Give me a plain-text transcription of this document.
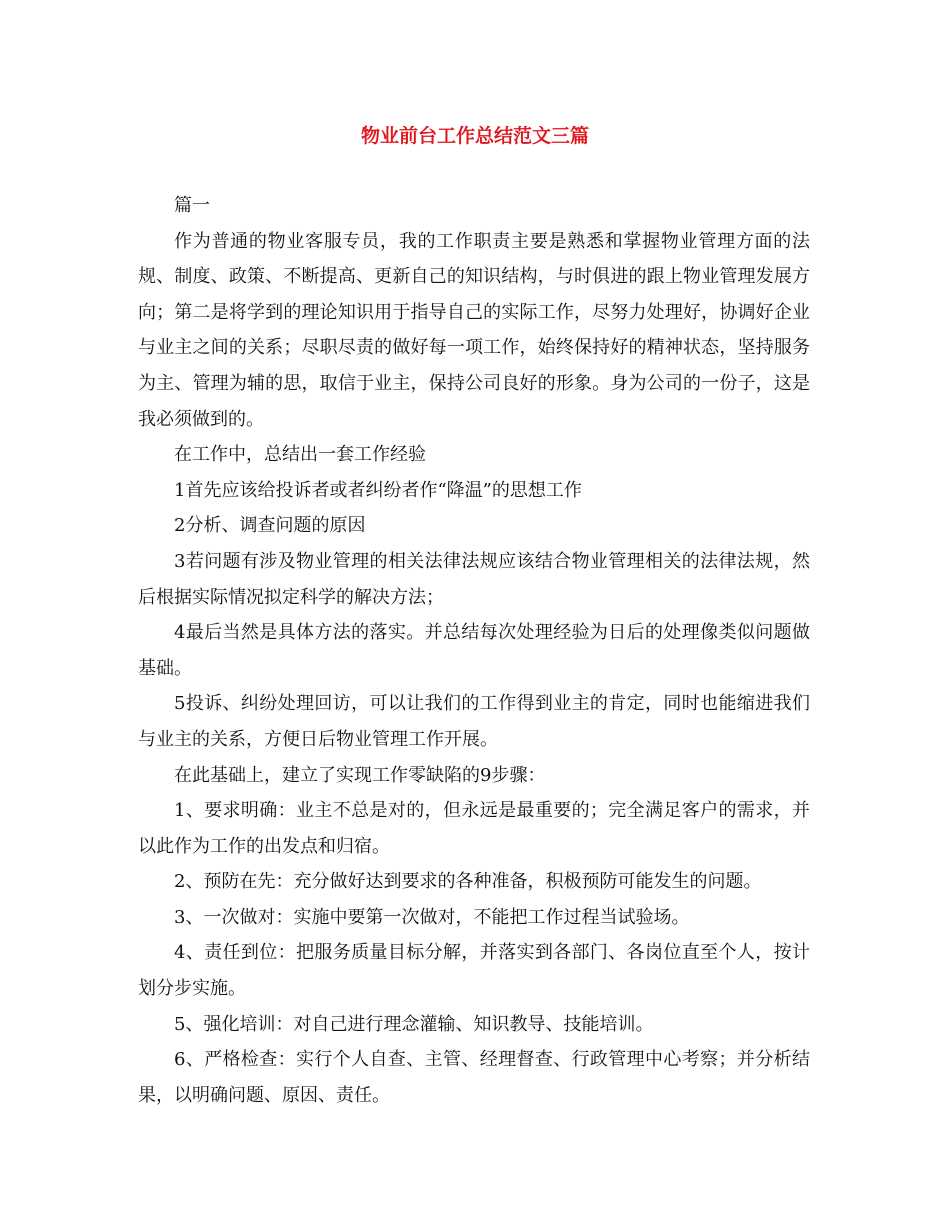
物业前台工作总结范文三篇

篇一

作为普通的物业客服专员，我的工作职责主要是熟悉和掌握物业管理方面的法规、制度、政策、不断提高、更新自己的知识结构，与时俱进的跟上物业管理发展方向；第二是将学到的理论知识用于指导自己的实际工作，尽努力处理好，协调好企业与业主之间的关系；尽职尽责的做好每一项工作，始终保持好的精神状态，坚持服务为主、管理为辅的思，取信于业主，保持公司良好的形象。身为公司的一份子，这是我必须做到的。

在工作中，总结出一套工作经验

1首先应该给投诉者或者纠纷者作“降温”的思想工作

2分析、调查问题的原因

3若问题有涉及物业管理的相关法律法规应该结合物业管理相关的法律法规，然后根据实际情况拟定科学的解决方法；

4最后当然是具体方法的落实。并总结每次处理经验为日后的处理像类似问题做基础。

5投诉、纠纷处理回访，可以让我们的工作得到业主的肯定，同时也能缩进我们与业主的关系，方便日后物业管理工作开展。

在此基础上，建立了实现工作零缺陷的9步骤：

1、要求明确：业主不总是对的，但永远是最重要的；完全满足客户的需求，并以此作为工作的出发点和归宿。

2、预防在先：充分做好达到要求的各种准备，积极预防可能发生的问题。

3、一次做对：实施中要第一次做对，不能把工作过程当试验场。

4、责任到位：把服务质量目标分解，并落实到各部门、各岗位直至个人，按计划分步实施。

5、强化培训：对自己进行理念灌输、知识教导、技能培训。

6、严格检查：实行个人自查、主管、经理督查、行政管理中心考察；并分析结果，以明确问题、原因、责任。
